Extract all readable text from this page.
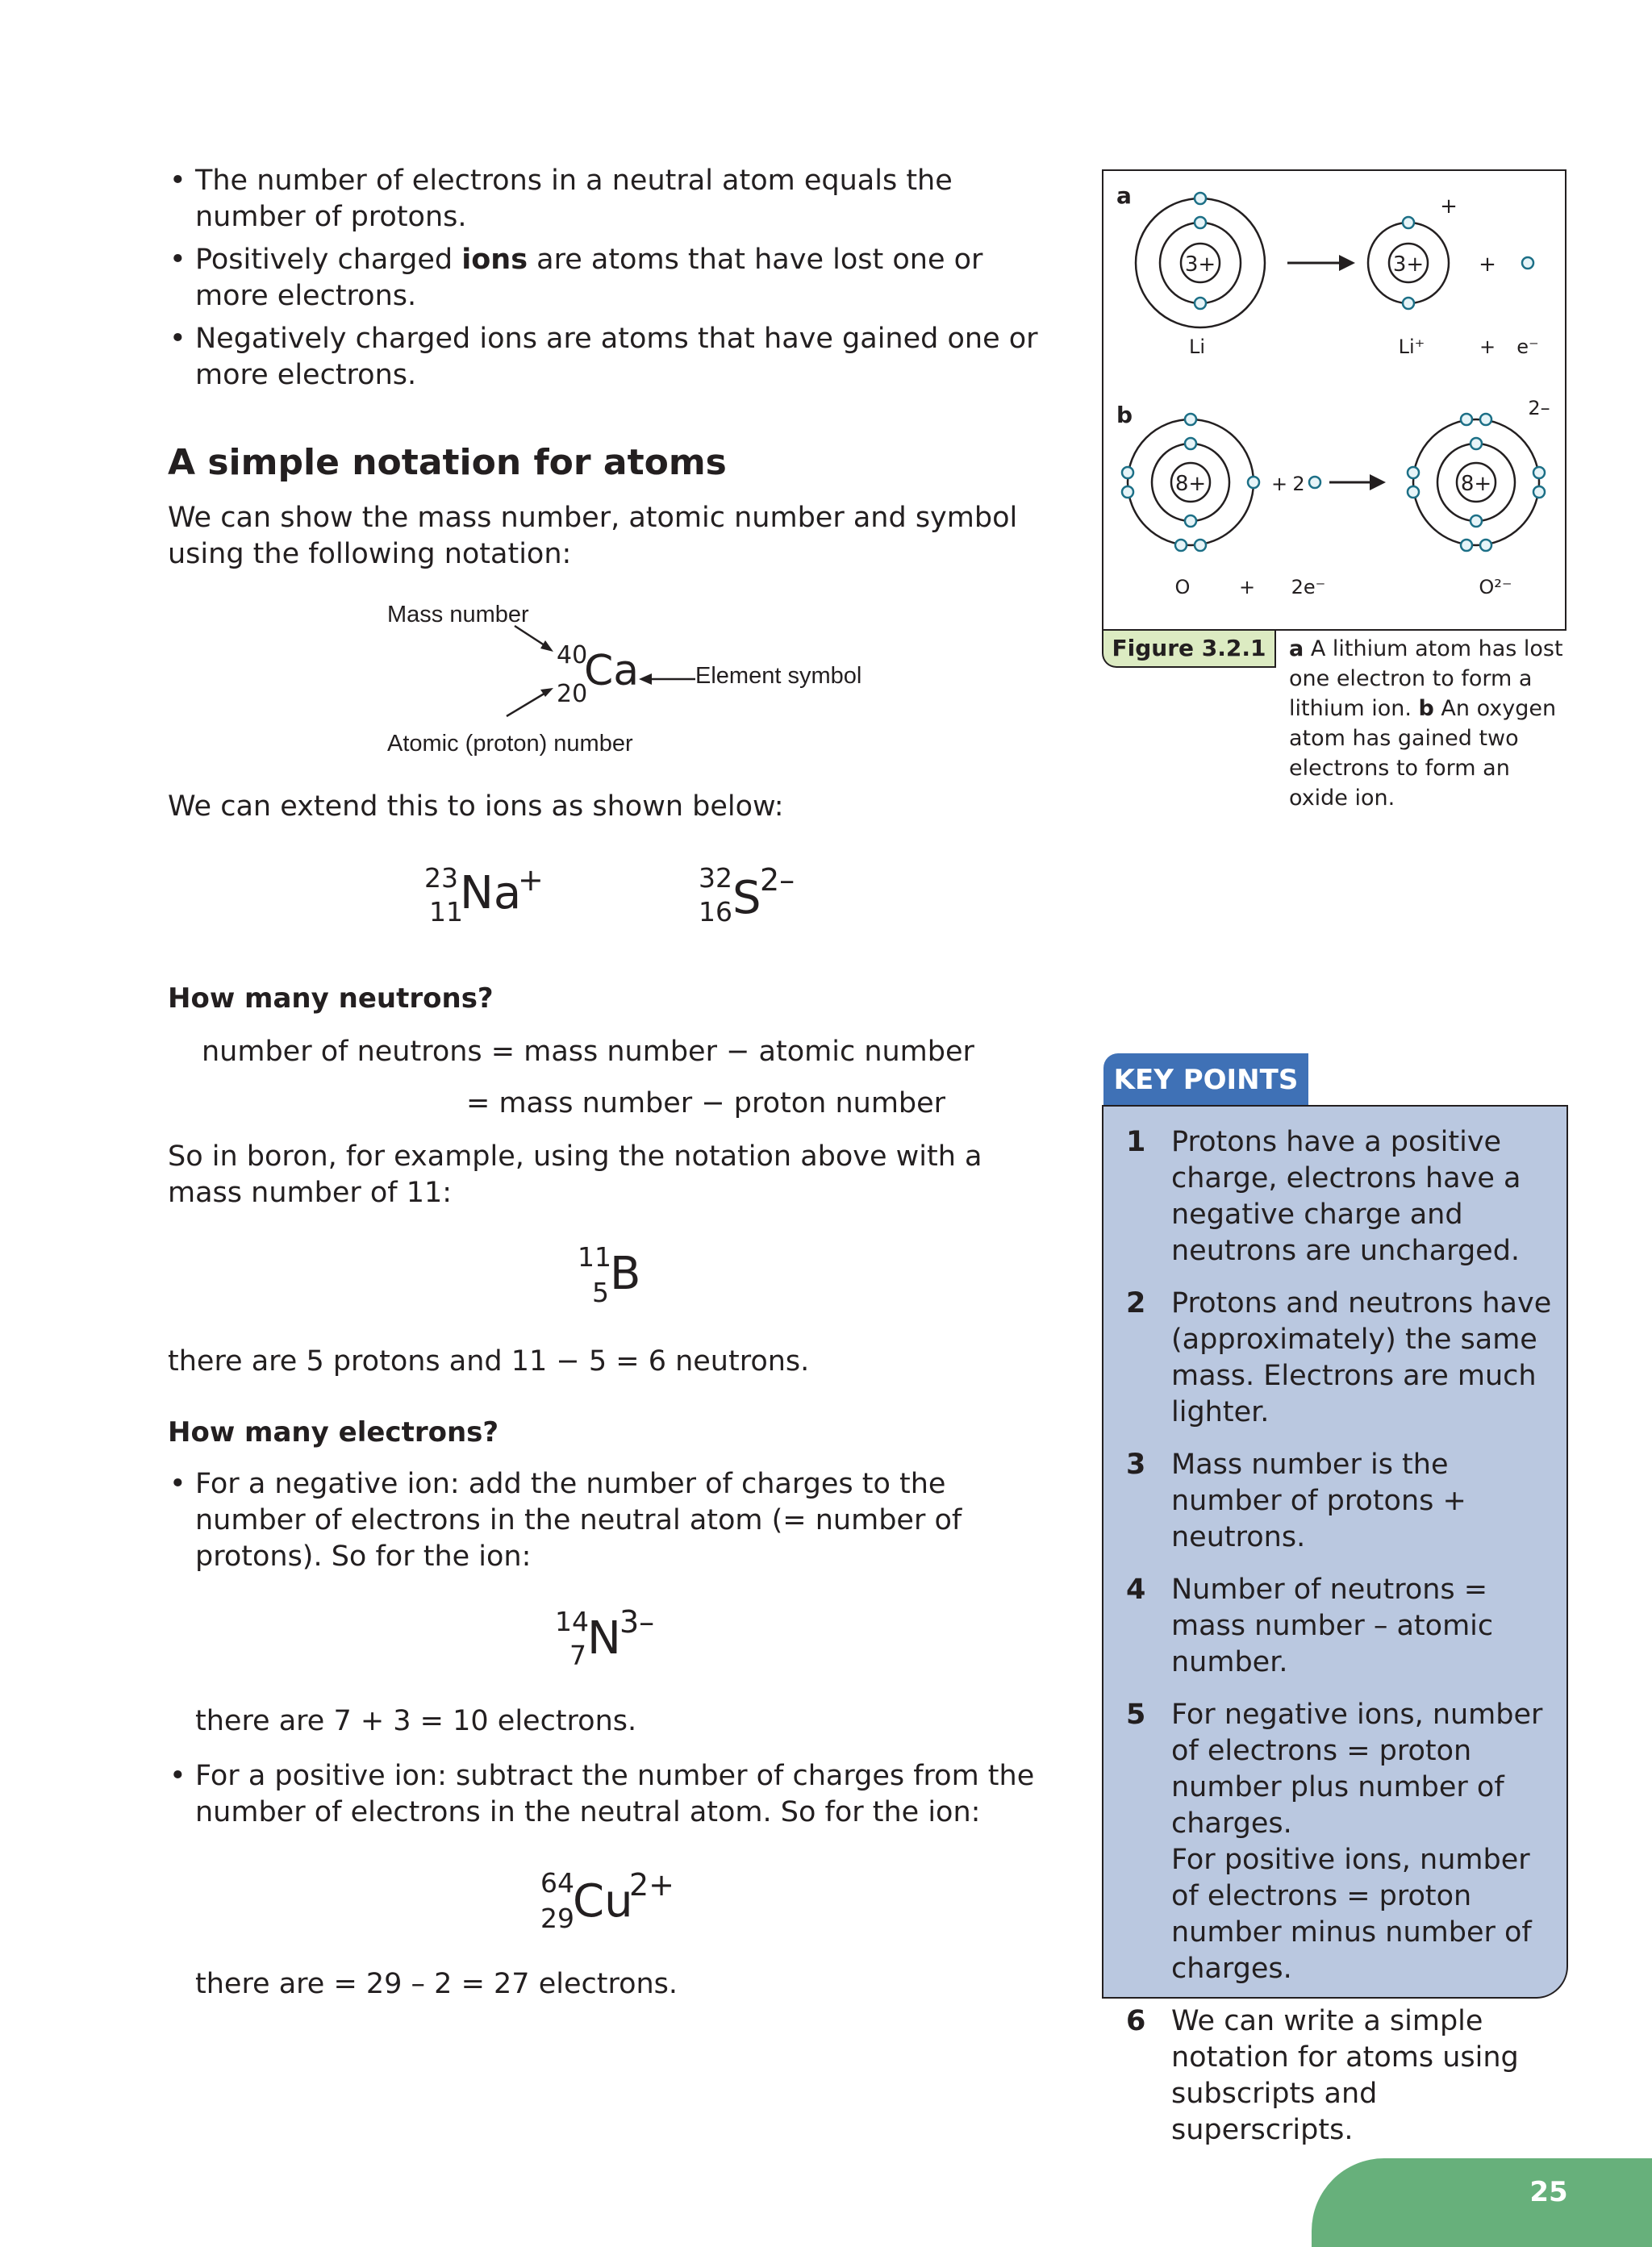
• The number of electrons in a neutral atom equals the number of protons.
• Positively charged ions are atoms that have lost one or more electrons.
• Negatively charged ions are atoms that have gained one or more electrons.
A simple notation for atoms

We can show the mass number, atomic number and symbol using the following notation:

Mass number
Atomic (proton) number
Element symbol
40
20
Ca

We can extend this to ions as shown below:

23
11
Na
+	32
16 S
2–
How many neutrons?
number of neutrons = mass number − atomic number
= mass number − proton number

So in boron, for example, using the notation above with a mass number of 11:

11
5 B

there are 5 protons and 11 − 5 = 6 neutrons.

How many electrons?
• For a negative ion: add the number of charges to the number of electrons in the neutral atom (= number of protons). So for the ion:
14
7 N
3–

there are 7 + 3 = 10 electrons.

• For a positive ion: subtract the number of charges from the number of electrons in the neutral atom. So for the ion:
64
29
Cu
2+

there are = 29 – 2 = 27 electrons.

a
b
3+
Li
3+
+
+
Li⁺	+ e⁻
8+	+ 2	8+
2–
O	+ 2e⁻	O²⁻
Figure 3.2.1	a A lithium atom has lost one electron to form a lithium ion. b An oxygen atom has gained two electrons to form an oxide ion.
KEY POINTS
1 Protons have a positive charge, electrons have a negative charge and neutrons are uncharged.
2 Protons and neutrons have (approximately) the same mass. Electrons are much lighter.
3 Mass number is the number of protons + neutrons.
4 Number of neutrons = mass number – atomic number.
5 For negative ions, number of electrons = proton number plus number of charges.
For positive ions, number of electrons = proton number minus number of charges.
6 We can write a simple notation for atoms using subscripts and superscripts.
25
